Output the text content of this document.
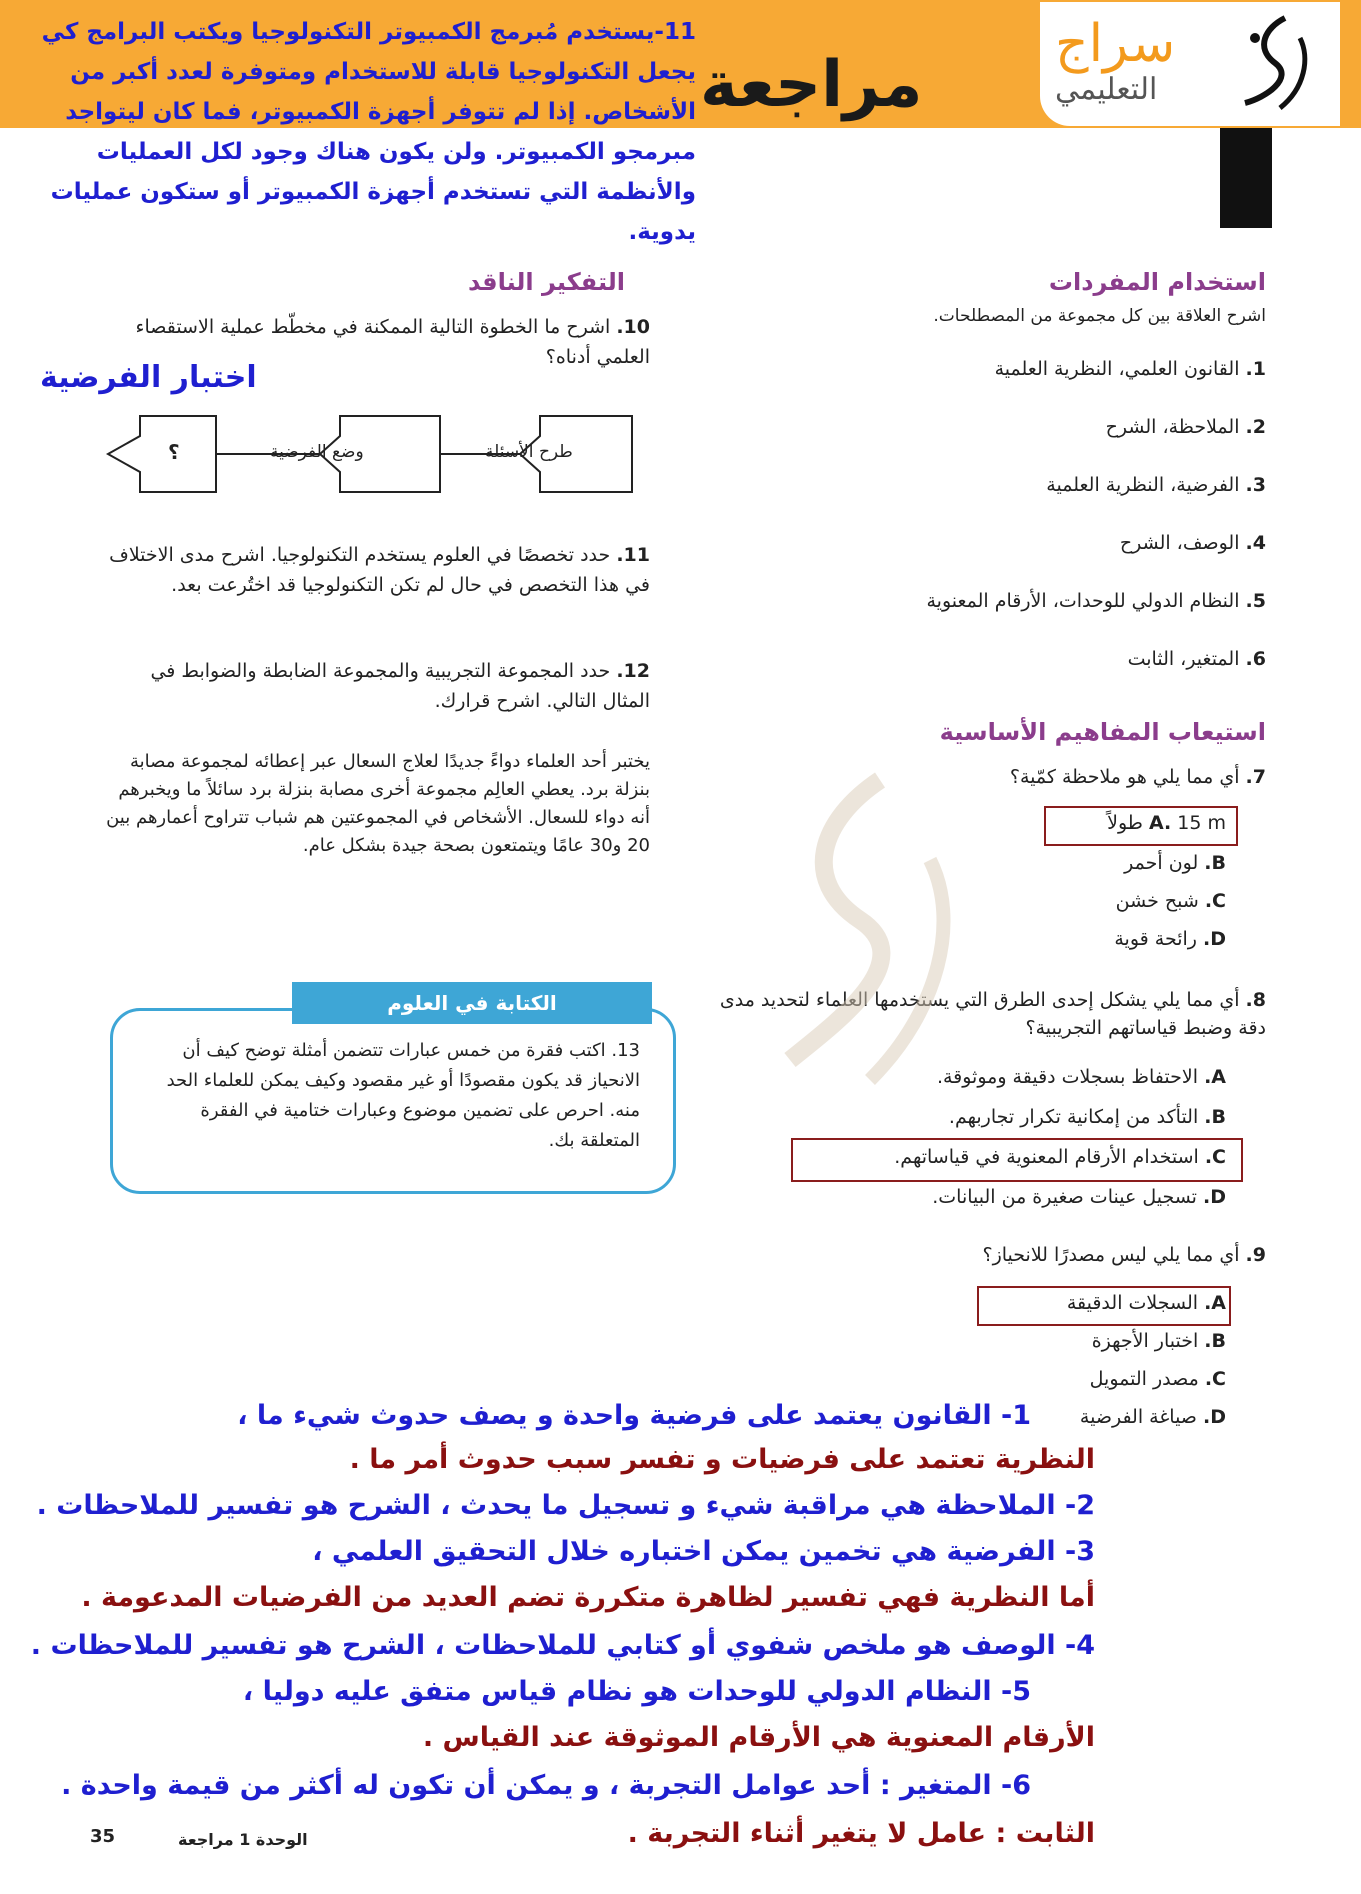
سراج
التعليمي
مراجعة
11-يستخدم مُبرمج الكمبيوتر التكنولوجيا ويكتب البرامج كي يجعل التكنولوجيا قابلة للاستخدام ومتوفرة لعدد أكبر من الأشخاص. إذا لم تتوفر أجهزة الكمبيوتر، فما كان ليتواجد مبرمجو الكمبيوتر. ولن يكون هناك وجود لكل العمليات والأنظمة التي تستخدم أجهزة الكمبيوتر أو ستكون عمليات يدوية.
استخدام المفردات
اشرح العلاقة بين كل مجموعة من المصطلحات.
1. القانون العلمي، النظرية العلمية
2. الملاحظة، الشرح
3. الفرضية، النظرية العلمية
4. الوصف، الشرح
5. النظام الدولي للوحدات، الأرقام المعنوية
6. المتغير، الثابت
استيعاب المفاهيم الأساسية
7. أي مما يلي هو ملاحظة كمّية؟
A. 15 m طولاً
B. لون أحمر
C. شبح خشن
D. رائحة قوية
8. أي مما يلي يشكل إحدى الطرق التي يستخدمها العلماء لتحديد مدى دقة وضبط قياساتهم التجريبية؟
A. الاحتفاظ بسجلات دقيقة وموثوقة.
B. التأكد من إمكانية تكرار تجاربهم.
C. استخدام الأرقام المعنوية في قياساتهم.
D. تسجيل عينات صغيرة من البيانات.
9. أي مما يلي ليس مصدرًا للانحياز؟
A. السجلات الدقيقة
B. اختبار الأجهزة
C. مصدر التمويل
D. صياغة الفرضية
التفكير الناقد
10. اشرح ما الخطوة التالية الممكنة في مخطّط عملية الاستقصاء العلمي أدناه؟
اختبار الفرضية
طرح الأسئلة
وضع الفرضية
؟
11. حدد تخصصًا في العلوم يستخدم التكنولوجيا. اشرح مدى الاختلاف في هذا التخصص في حال لم تكن التكنولوجيا قد اختُرعت بعد.
12. حدد المجموعة التجريبية والمجموعة الضابطة والضوابط في المثال التالي. اشرح قرارك.
يختبر أحد العلماء دواءً جديدًا لعلاج السعال عبر إعطائه لمجموعة مصابة بنزلة برد. يعطي العالِم مجموعة أخرى مصابة بنزلة برد سائلاً ما ويخبرهم أنه دواء للسعال. الأشخاص في المجموعتين هم شباب تتراوح أعمارهم بين 20 و30 عامًا ويتمتعون بصحة جيدة بشكل عام.
الكتابة في العلوم
13. اكتب فقرة من خمس عبارات تتضمن أمثلة توضح كيف أن الانحياز قد يكون مقصودًا أو غير مقصود وكيف يمكن للعلماء الحد منه. احرص على تضمين موضوع وعبارات ختامية في الفقرة المتعلقة بك.
1- القانون يعتمد على فرضية واحدة و يصف حدوث شيء ما ،
النظرية تعتمد على فرضيات و تفسر سبب حدوث أمر ما .
2- الملاحظة هي مراقبة شيء و تسجيل ما يحدث ، الشرح هو تفسير للملاحظات .
3- الفرضية هي تخمين يمكن اختباره خلال التحقيق العلمي ،
أما النظرية فهي تفسير لظاهرة متكررة تضم العديد من الفرضيات المدعومة .
4- الوصف هو ملخص شفوي أو كتابي للملاحظات ، الشرح هو تفسير للملاحظات .
5- النظام الدولي للوحدات هو نظام قياس متفق عليه دوليا ،
الأرقام المعنوية هي الأرقام الموثوقة عند القياس .
6- المتغير : أحد عوامل التجربة ، و يمكن أن تكون له أكثر من قيمة واحدة .
الثابت : عامل لا يتغير أثناء التجربة .
35	الوحدة 1 مراجعة
